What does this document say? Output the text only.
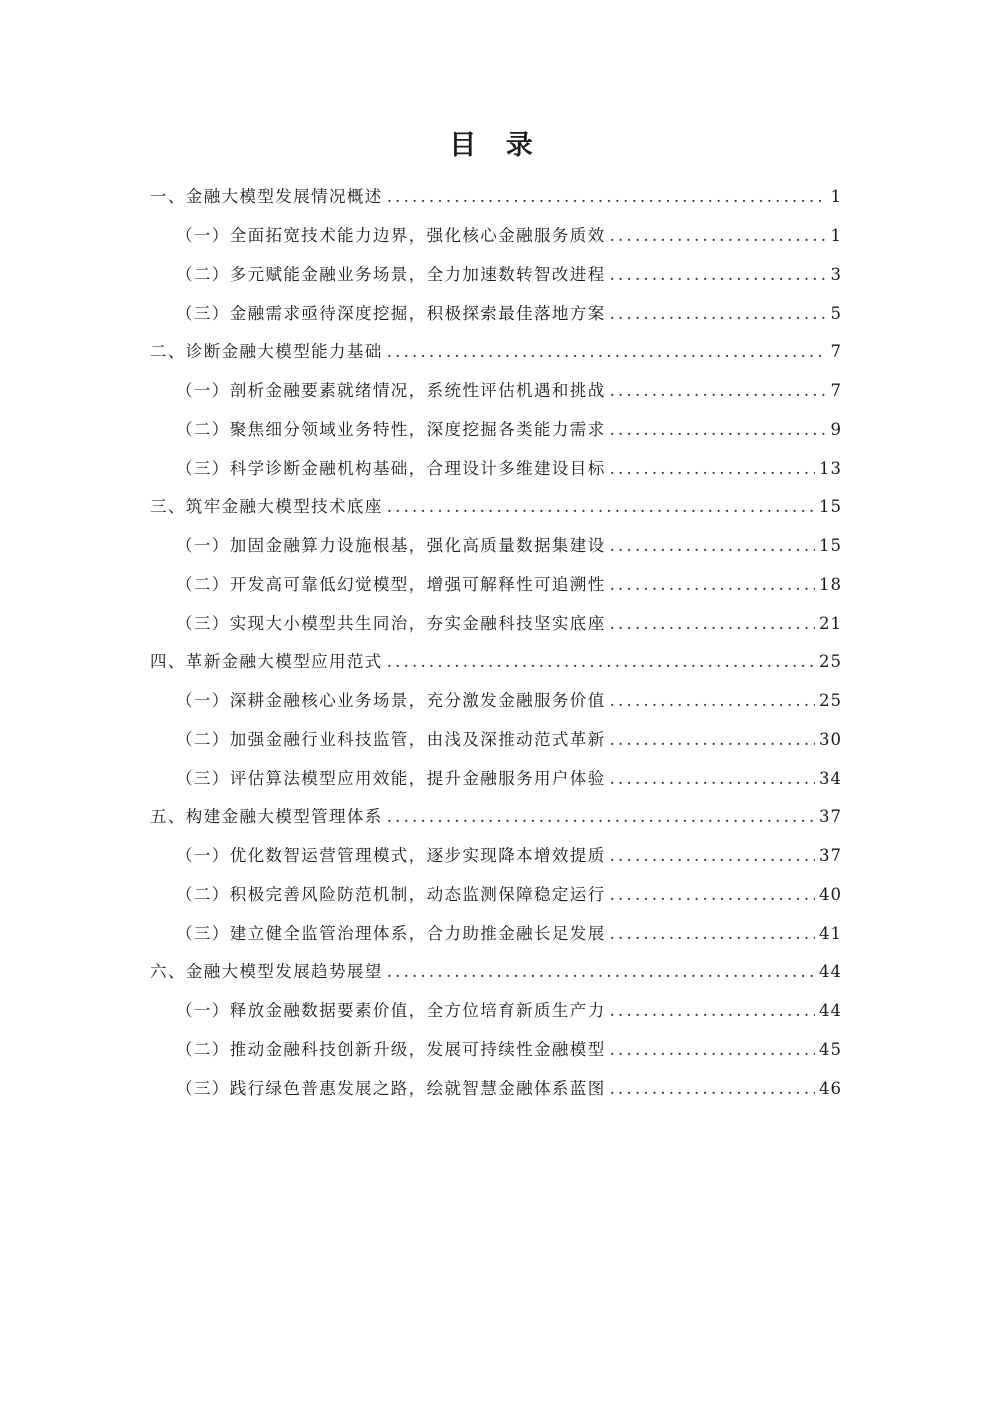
目 录
一、金融大模型发展情况概述 .....	1
（一）全面拓宽技术能力边界，强化核心金融服务质效 .....	1
（二）多元赋能金融业务场景，全力加速数转智改进程 .....	3
（三）金融需求亟待深度挖掘，积极探索最佳落地方案 .....	5
二、诊断金融大模型能力基础 .....	7
（一）剖析金融要素就绪情况，系统性评估机遇和挑战 .....	7
（二）聚焦细分领域业务特性，深度挖掘各类能力需求 .....	9
（三）科学诊断金融机构基础，合理设计多维建设目标 .....	13
三、筑牢金融大模型技术底座 .....	15
（一）加固金融算力设施根基，强化高质量数据集建设 .....	15
（二）开发高可靠低幻觉模型，增强可解释性可追溯性 .....	18
（三）实现大小模型共生同治，夯实金融科技坚实底座 .....	21
四、革新金融大模型应用范式 .....	25
（一）深耕金融核心业务场景，充分激发金融服务价值 .....	25
（二）加强金融行业科技监管，由浅及深推动范式革新 .....	30
（三）评估算法模型应用效能，提升金融服务用户体验 .....	34
五、构建金融大模型管理体系 .....	37
（一）优化数智运营管理模式，逐步实现降本增效提质 .....	37
（二）积极完善风险防范机制，动态监测保障稳定运行 .....	40
（三）建立健全监管治理体系，合力助推金融长足发展 .....	41
六、金融大模型发展趋势展望 .....	44
（一）释放金融数据要素价值，全方位培育新质生产力 .....	44
（二）推动金融科技创新升级，发展可持续性金融模型 .....	45
（三）践行绿色普惠发展之路，绘就智慧金融体系蓝图 .....	46
